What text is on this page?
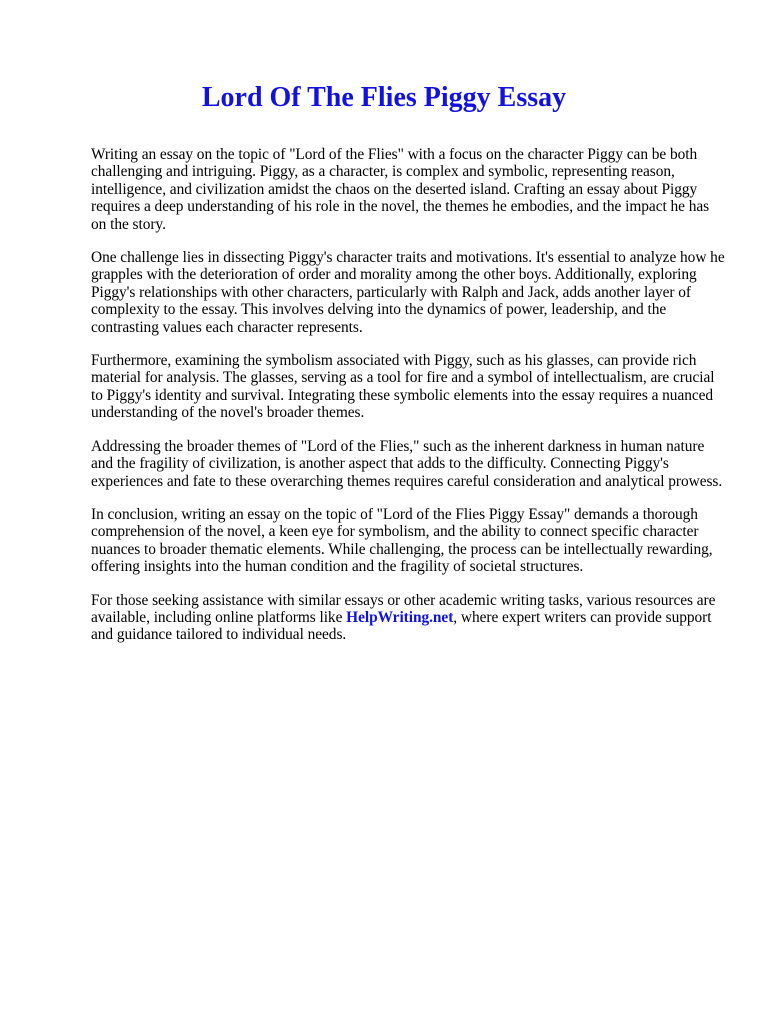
Lord Of The Flies Piggy Essay

Writing an essay on the topic of "Lord of the Flies" with a focus on the character Piggy can be both challenging and intriguing. Piggy, as a character, is complex and symbolic, representing reason, intelligence, and civilization amidst the chaos on the deserted island. Crafting an essay about Piggy requires a deep understanding of his role in the novel, the themes he embodies, and the impact he has on the story.

One challenge lies in dissecting Piggy's character traits and motivations. It's essential to analyze how he grapples with the deterioration of order and morality among the other boys. Additionally, exploring Piggy's relationships with other characters, particularly with Ralph and Jack, adds another layer of complexity to the essay. This involves delving into the dynamics of power, leadership, and the contrasting values each character represents.

Furthermore, examining the symbolism associated with Piggy, such as his glasses, can provide rich material for analysis. The glasses, serving as a tool for fire and a symbol of intellectualism, are crucial to Piggy's identity and survival. Integrating these symbolic elements into the essay requires a nuanced understanding of the novel's broader themes.

Addressing the broader themes of "Lord of the Flies," such as the inherent darkness in human nature and the fragility of civilization, is another aspect that adds to the difficulty. Connecting Piggy's experiences and fate to these overarching themes requires careful consideration and analytical prowess.

In conclusion, writing an essay on the topic of "Lord of the Flies Piggy Essay" demands a thorough comprehension of the novel, a keen eye for symbolism, and the ability to connect specific character nuances to broader thematic elements. While challenging, the process can be intellectually rewarding, offering insights into the human condition and the fragility of societal structures.

For those seeking assistance with similar essays or other academic writing tasks, various resources are available, including online platforms like HelpWriting.net, where expert writers can provide support and guidance tailored to individual needs.
